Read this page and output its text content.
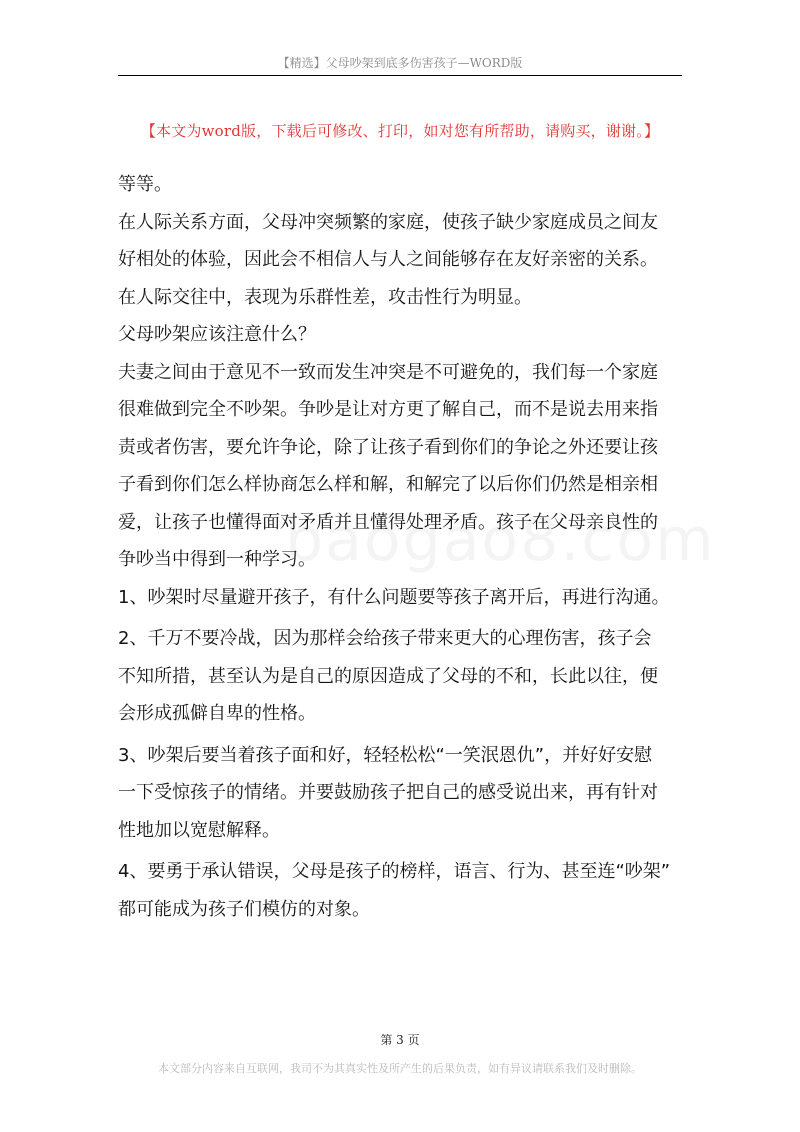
【精选】父母吵架到底多伤害孩子—WORD版
【本文为word版，下载后可修改、打印，如对您有所帮助，请购买，谢谢。】
等等。
在人际关系方面，父母冲突频繁的家庭，使孩子缺少家庭成员之间友
好相处的体验，因此会不相信人与人之间能够存在友好亲密的关系。
在人际交往中，表现为乐群性差，攻击性行为明显。
父母吵架应该注意什么？
夫妻之间由于意见不一致而发生冲突是不可避免的，我们每一个家庭
很难做到完全不吵架。争吵是让对方更了解自己，而不是说去用来指
责或者伤害，要允许争论，除了让孩子看到你们的争论之外还要让孩
子看到你们怎么样协商怎么样和解，和解完了以后你们仍然是相亲相
爱，让孩子也懂得面对矛盾并且懂得处理矛盾。孩子在父母亲良性的
争吵当中得到一种学习。
1、吵架时尽量避开孩子，有什么问题要等孩子离开后，再进行沟通。
2、千万不要冷战，因为那样会给孩子带来更大的心理伤害，孩子会
不知所措，甚至认为是自己的原因造成了父母的不和，长此以往，便
会形成孤僻自卑的性格。
3、吵架后要当着孩子面和好，轻轻松松“一笑泯恩仇”，并好好安慰
一下受惊孩子的情绪。并要鼓励孩子把自己的感受说出来，再有针对
性地加以宽慰解释。
4、要勇于承认错误，父母是孩子的榜样，语言、行为、甚至连“吵架”
都可能成为孩子们模仿的对象。
第 3 页
本文部分内容来自互联网，我司不为其真实性及所产生的后果负责，如有异议请联系我们及时删除。
